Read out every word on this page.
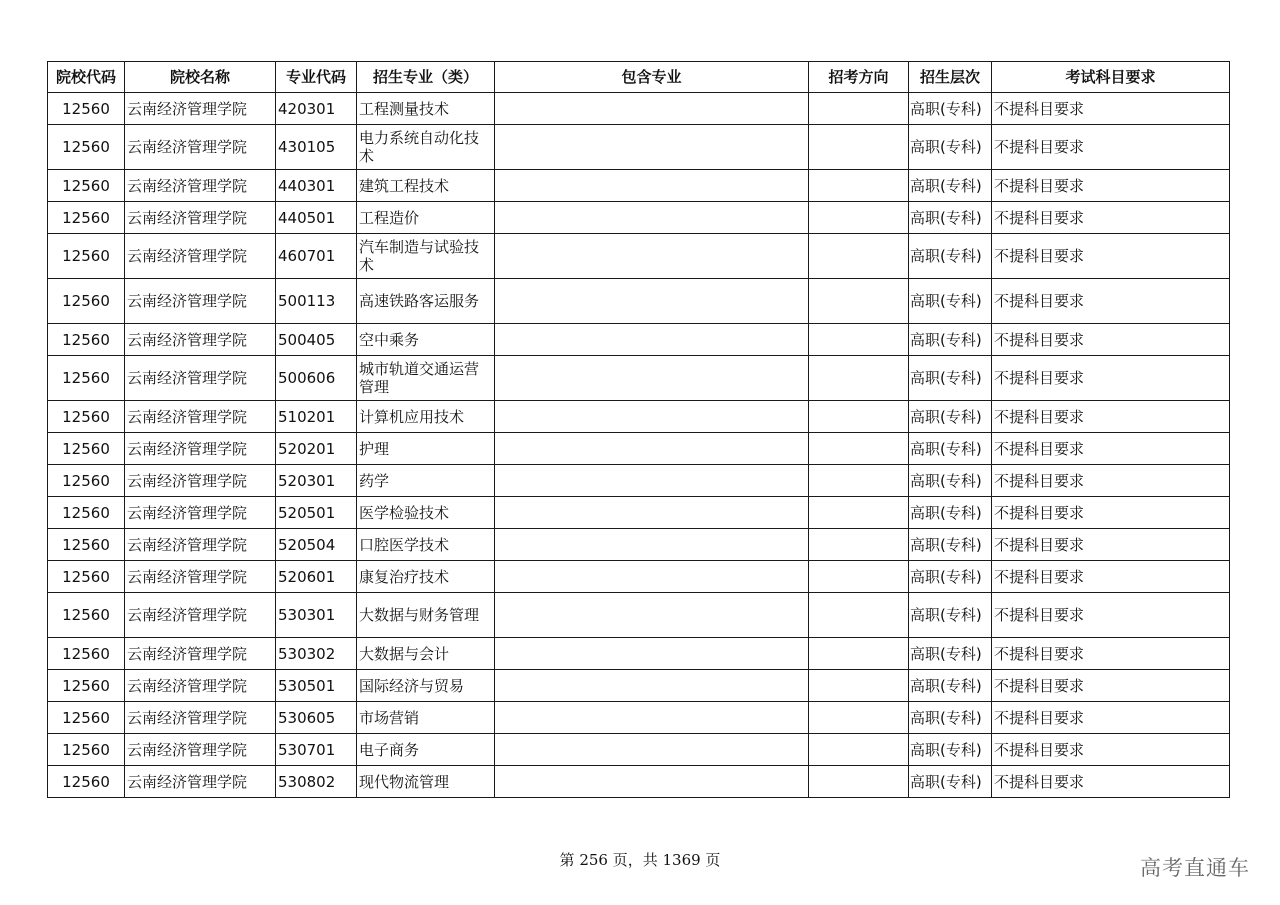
院校代码	院校名称	专业代码	招生专业（类）	包含专业	招考方向	招生层次	考试科目要求
12560	云南经济管理学院	420301	工程测量技术			高职(专科)	不提科目要求
12560	云南经济管理学院	430105	电力系统自动化技术			高职(专科)	不提科目要求
12560	云南经济管理学院	440301	建筑工程技术			高职(专科)	不提科目要求
12560	云南经济管理学院	440501	工程造价			高职(专科)	不提科目要求
12560	云南经济管理学院	460701	汽车制造与试验技术			高职(专科)	不提科目要求
12560	云南经济管理学院	500113	高速铁路客运服务			高职(专科)	不提科目要求
12560	云南经济管理学院	500405	空中乘务			高职(专科)	不提科目要求
12560	云南经济管理学院	500606	城市轨道交通运营管理			高职(专科)	不提科目要求
12560	云南经济管理学院	510201	计算机应用技术			高职(专科)	不提科目要求
12560	云南经济管理学院	520201	护理			高职(专科)	不提科目要求
12560	云南经济管理学院	520301	药学			高职(专科)	不提科目要求
12560	云南经济管理学院	520501	医学检验技术			高职(专科)	不提科目要求
12560	云南经济管理学院	520504	口腔医学技术			高职(专科)	不提科目要求
12560	云南经济管理学院	520601	康复治疗技术			高职(专科)	不提科目要求
12560	云南经济管理学院	530301	大数据与财务管理			高职(专科)	不提科目要求
12560	云南经济管理学院	530302	大数据与会计			高职(专科)	不提科目要求
12560	云南经济管理学院	530501	国际经济与贸易			高职(专科)	不提科目要求
12560	云南经济管理学院	530605	市场营销			高职(专科)	不提科目要求
12560	云南经济管理学院	530701	电子商务			高职(专科)	不提科目要求
12560	云南经济管理学院	530802	现代物流管理			高职(专科)	不提科目要求
第 256 页，共 1369 页	高考直通车
